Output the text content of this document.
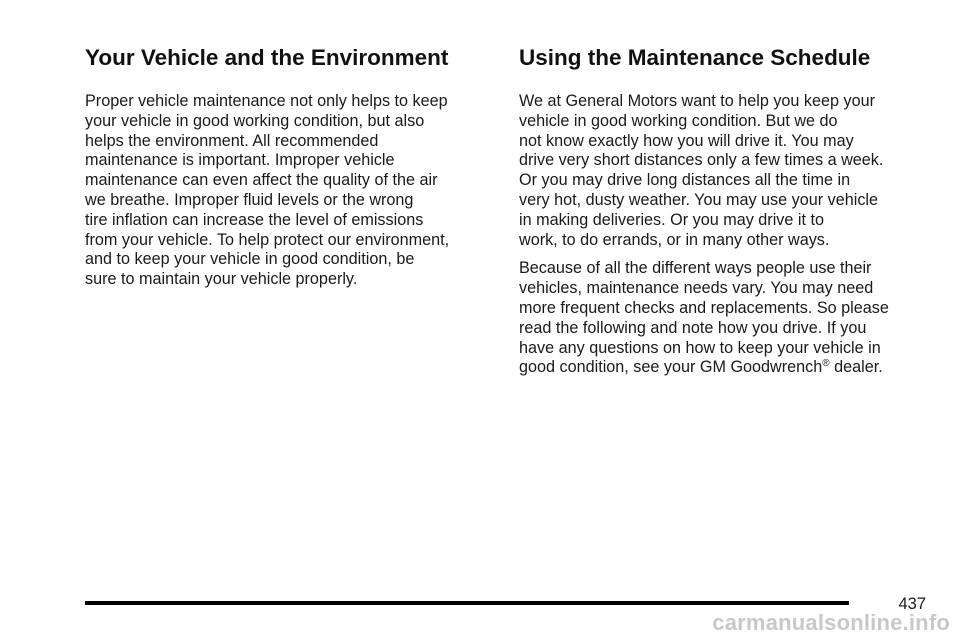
Your Vehicle and the Environment
Proper vehicle maintenance not only helps to keep
your vehicle in good working condition, but also
helps the environment. All recommended
maintenance is important. Improper vehicle
maintenance can even affect the quality of the air
we breathe. Improper fluid levels or the wrong
tire inflation can increase the level of emissions
from your vehicle. To help protect our environment,
and to keep your vehicle in good condition, be
sure to maintain your vehicle properly.
Using the Maintenance Schedule
We at General Motors want to help you keep your
vehicle in good working condition. But we do
not know exactly how you will drive it. You may
drive very short distances only a few times a week.
Or you may drive long distances all the time in
very hot, dusty weather. You may use your vehicle
in making deliveries. Or you may drive it to
work, to do errands, or in many other ways.
Because of all the different ways people use their
vehicles, maintenance needs vary. You may need
more frequent checks and replacements. So please
read the following and note how you drive. If you
have any questions on how to keep your vehicle in
good condition, see your GM Goodwrench® dealer.
437
carmanualsonline.info
